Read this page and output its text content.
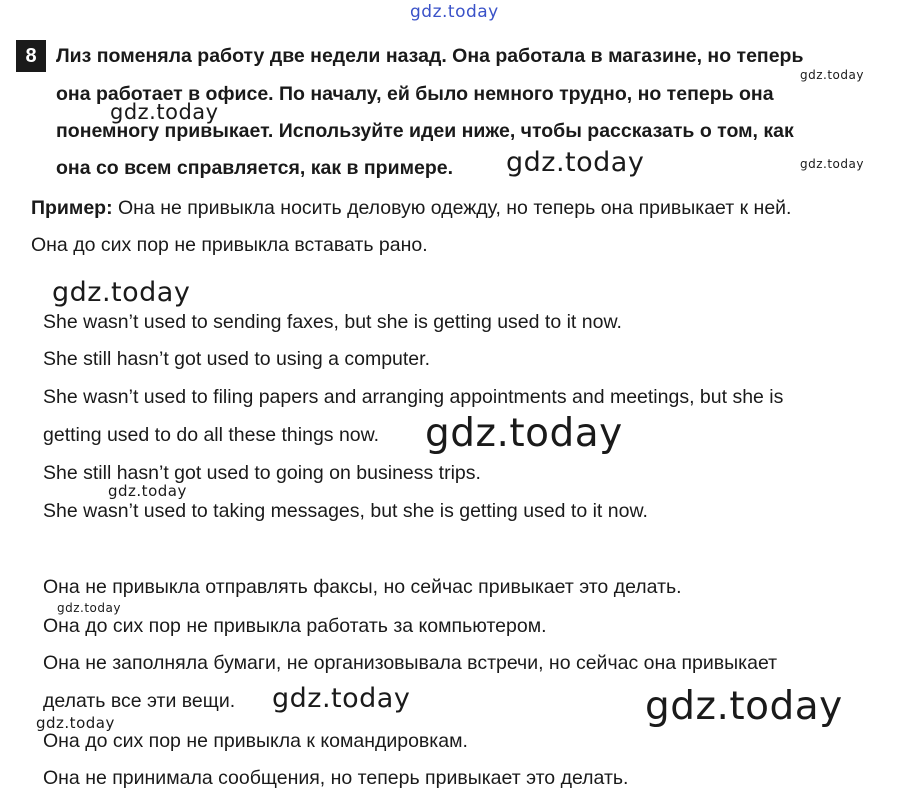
gdz.today
8 Лиз поменяла работу две недели назад. Она работала в магазине, но теперь
она работает в офисе. По началу, ей было немного трудно, но теперь она
понемногу привыкает. Используйте идеи ниже, чтобы рассказать о том, как
она со всем справляется, как в примере.
Пример: Она не привыкла носить деловую одежду, но теперь она привыкает к ней.
Она до сих пор не привыкла вставать рано.
She wasn’t used to sending faxes, but she is getting used to it now.
She still hasn’t got used to using a computer.
She wasn’t used to filing papers and arranging appointments and meetings, but she is
getting used to do all these things now.
She still hasn’t got used to going on business trips.
She wasn’t used to taking messages, but she is getting used to it now.
Она не привыкла отправлять факсы, но сейчас привыкает это делать.
Она до сих пор не привыкла работать за компьютером.
Она не заполняла бумаги, не организовывала встречи, но сейчас она привыкает
делать все эти вещи.
Она до сих пор не привыкла к командировкам.
Она не принимала сообщения, но теперь привыкает это делать.
gdz.today
gdz.today
gdz.today	gdz.today
gdz.today
gdz.today
gdz.today
gdz.today
gdz.today	gdz.today
gdz.today
